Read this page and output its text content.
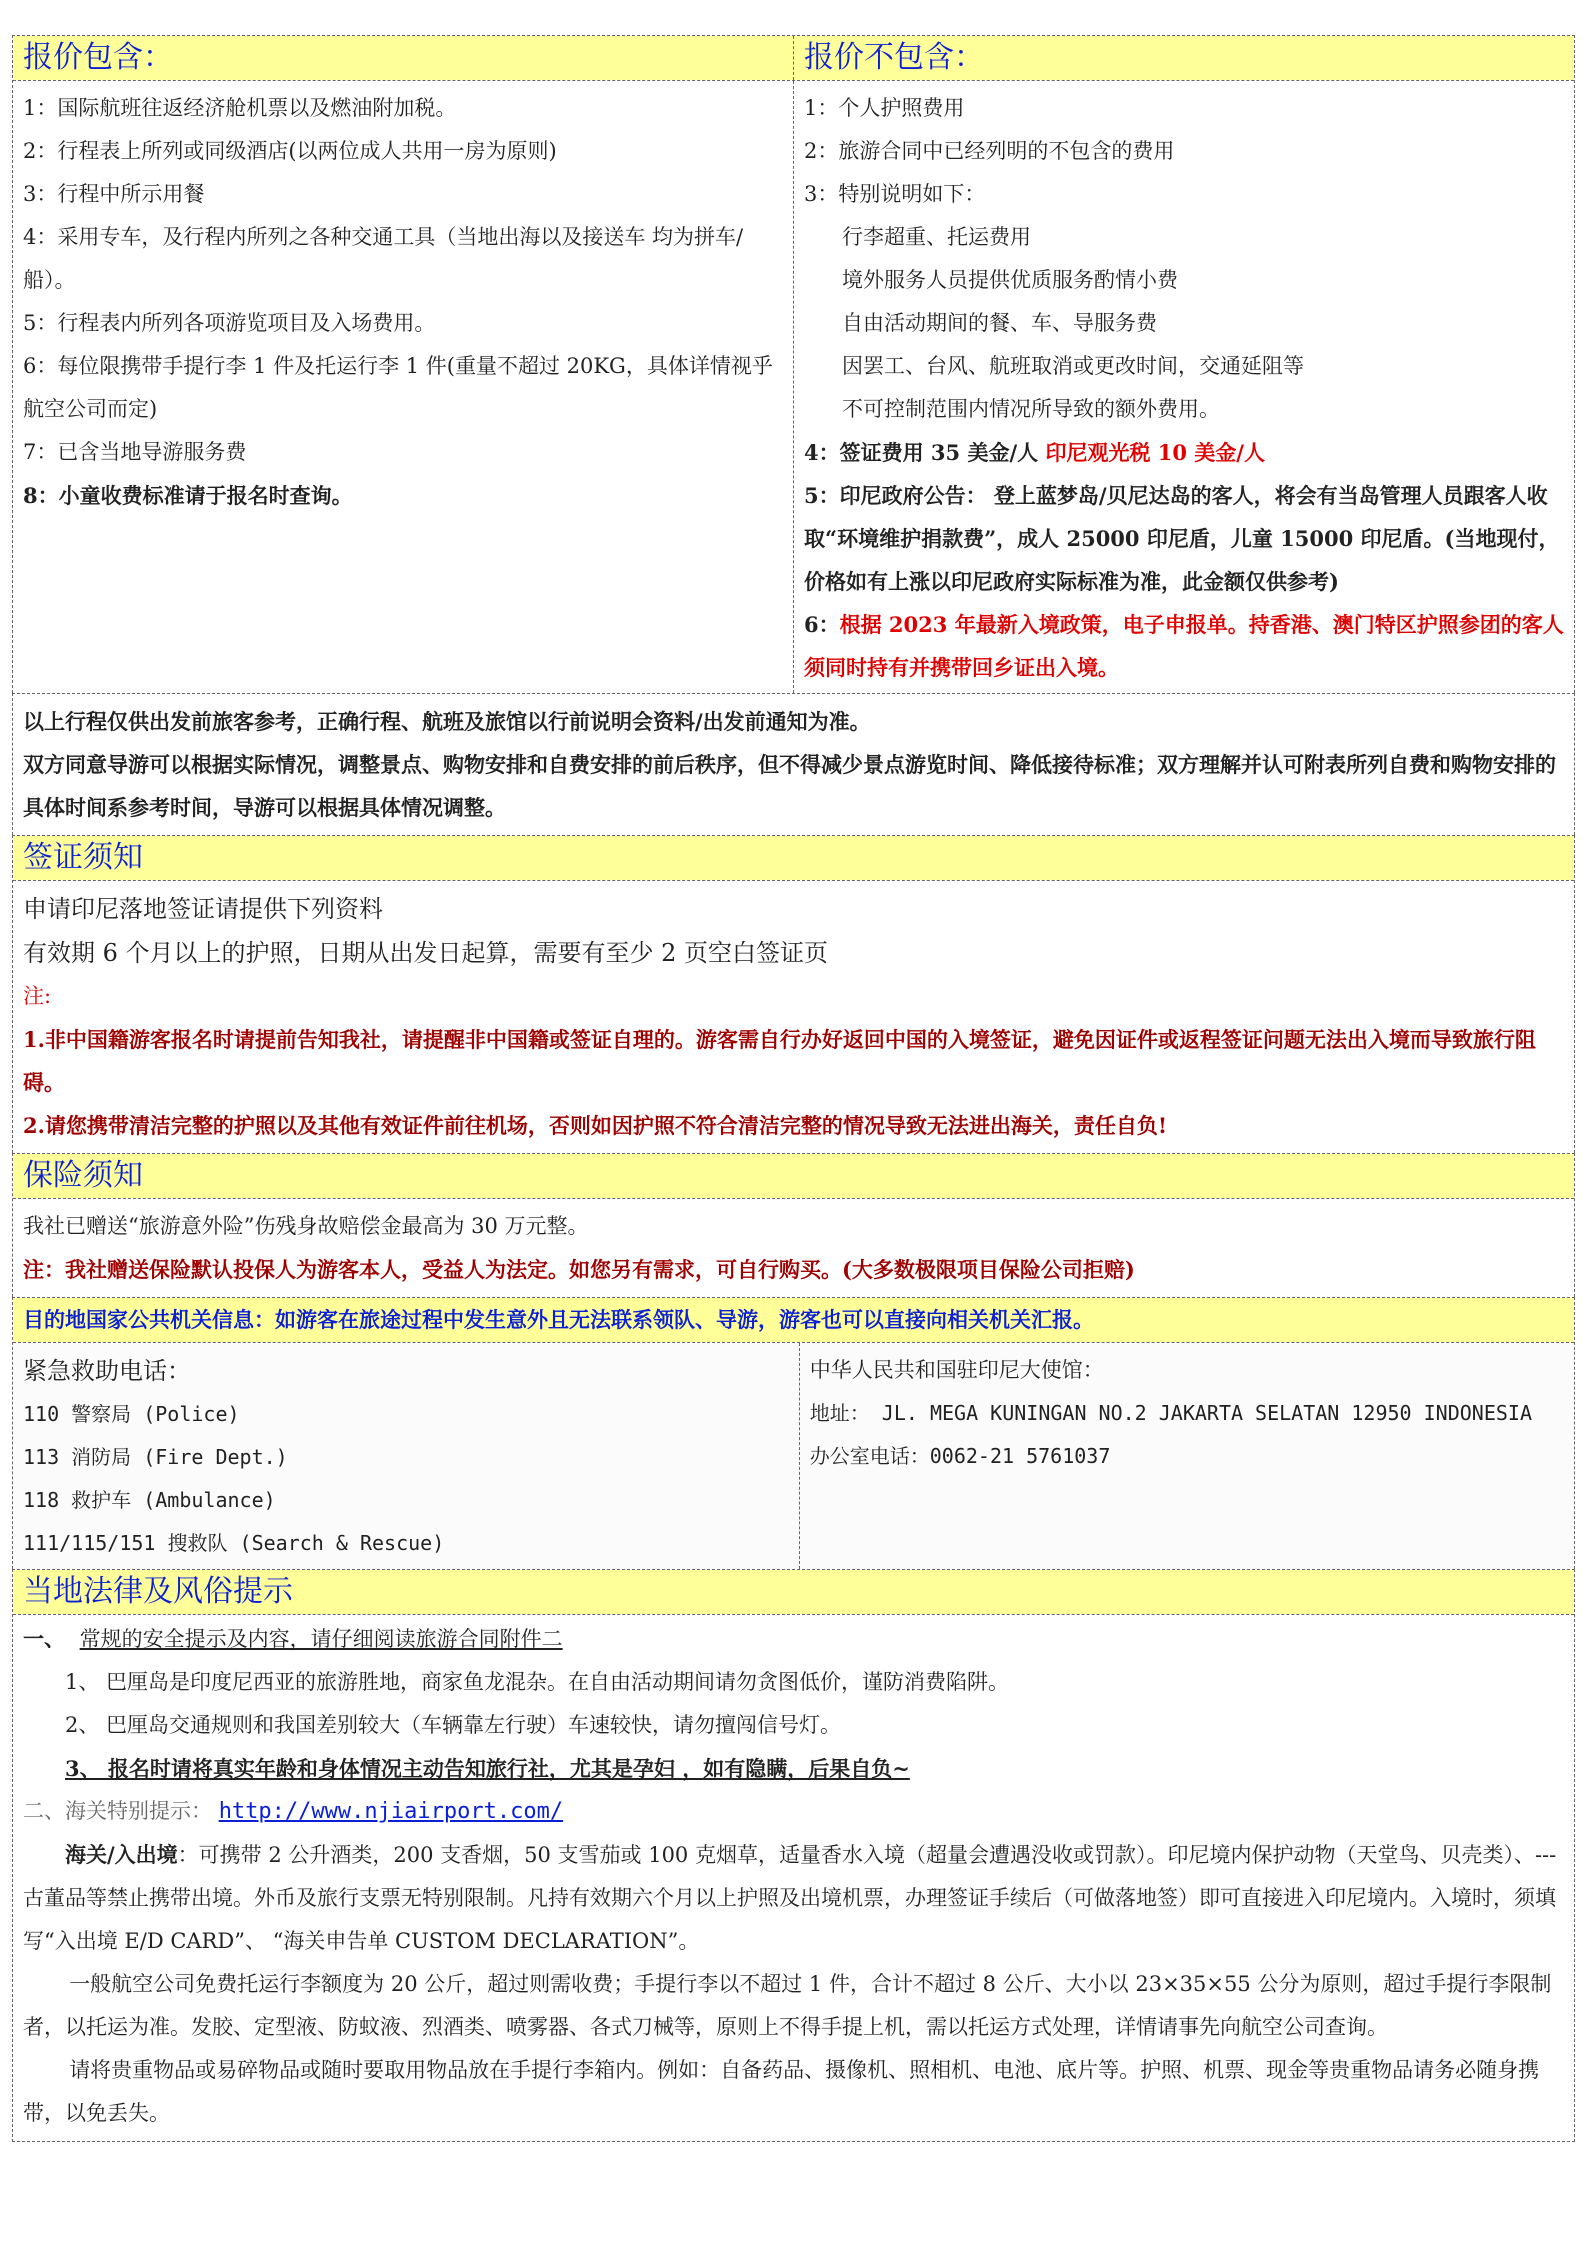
报价包含：	报价不包含：
1：国际航班往返经济舱机票以及燃油附加税。
2：行程表上所列或同级酒店(以两位成人共用一房为原则)
3：行程中所示用餐
4：采用专车，及行程内所列之各种交通工具（当地出海以及接送车 均为拼车/船）。
5：行程表内所列各项游览项目及入场费用。
6：每位限携带手提行李 1 件及托运行李 1 件(重量不超过 20KG，具体详情视乎航空公司而定)
7：已含当地导游服务费
8：小童收费标准请于报名时查询。
1：个人护照费用
2：旅游合同中已经列明的不包含的费用
3：特别说明如下：
行李超重、托运费用
境外服务人员提供优质服务酌情小费
自由活动期间的餐、车、导服务费
因罢工、台风、航班取消或更改时间，交通延阻等
不可控制范围内情况所导致的额外费用。
4：签证费用 35 美金/人 印尼观光税 10 美金/人
5：印尼政府公告： 登上蓝梦岛/贝尼达岛的客人，将会有当岛管理人员跟客人收取“环境维护捐款费”，成人 25000 印尼盾，儿童 15000 印尼盾。(当地现付，价格如有上涨以印尼政府实际标准为准，此金额仅供参考)
6：根据 2023 年最新入境政策，电子申报单。持香港、澳门特区护照参团的客人须同时持有并携带回乡证出入境。
以上行程仅供出发前旅客参考，正确行程、航班及旅馆以行前说明会资料/出发前通知为准。
双方同意导游可以根据实际情况，调整景点、购物安排和自费安排的前后秩序，但不得减少景点游览时间、降低接待标准；双方理解并认可附表所列自费和购物安排的具体时间系参考时间，导游可以根据具体情况调整。
签证须知
申请印尼落地签证请提供下列资料
有效期 6 个月以上的护照，日期从出发日起算，需要有至少 2 页空白签证页
注:
1.非中国籍游客报名时请提前告知我社，请提醒非中国籍或签证自理的。游客需自行办好返回中国的入境签证，避免因证件或返程签证问题无法出入境而导致旅行阻碍。
2.请您携带清洁完整的护照以及其他有效证件前往机场，否则如因护照不符合清洁完整的情况导致无法进出海关，责任自负!
保险须知
我社已赠送“旅游意外险”伤残身故赔偿金最高为 30 万元整。
注：我社赠送保险默认投保人为游客本人，受益人为法定。如您另有需求，可自行购买。(大多数极限项目保险公司拒赔)
目的地国家公共机关信息：如游客在旅途过程中发生意外且无法联系领队、导游，游客也可以直接向相关机关汇报。
紧急救助电话：
110 警察局 (Police)
113 消防局 (Fire Dept.)
118 救护车 (Ambulance)
111/115/151 搜救队 (Search & Rescue)
中华人民共和国驻印尼大使馆：
地址： JL. MEGA KUNINGAN NO.2 JAKARTA SELATAN 12950 INDONESIA
办公室电话：0062-21 5761037
当地法律及风俗提示
一、 常规的安全提示及内容，请仔细阅读旅游合同附件二
1、 巴厘岛是印度尼西亚的旅游胜地，商家鱼龙混杂。在自由活动期间请勿贪图低价，谨防消费陷阱。
2、 巴厘岛交通规则和我国差别较大（车辆靠左行驶）车速较快，请勿擅闯信号灯。
3、 报名时请将真实年龄和身体情况主动告知旅行社，尤其是孕妇 ，如有隐瞒，后果自负~
二、海关特别提示： http://www.njiairport.com/
海关/入出境：可携带 2 公升酒类，200 支香烟，50 支雪茄或 100 克烟草，适量香水入境（超量会遭遇没收或罚款）。印尼境内保护动物（天堂鸟、贝壳类）、---古董品等禁止携带出境。外币及旅行支票无特别限制。凡持有效期六个月以上护照及出境机票，办理签证手续后（可做落地签）即可直接进入印尼境内。入境时，须填写“入出境 E/D CARD”、 “海关申告单 CUSTOM DECLARATION”。
一般航空公司免费托运行李额度为 20 公斤，超过则需收费；手提行李以不超过 1 件，合计不超过 8 公斤、大小以 23×35×55 公分为原则，超过手提行李限制者，以托运为准。发胶、定型液、防蚊液、烈酒类、喷雾器、各式刀械等，原则上不得手提上机，需以托运方式处理，详情请事先向航空公司查询。
请将贵重物品或易碎物品或随时要取用物品放在手提行李箱内。例如：自备药品、摄像机、照相机、电池、底片等。护照、机票、现金等贵重物品请务必随身携带，以免丢失。
